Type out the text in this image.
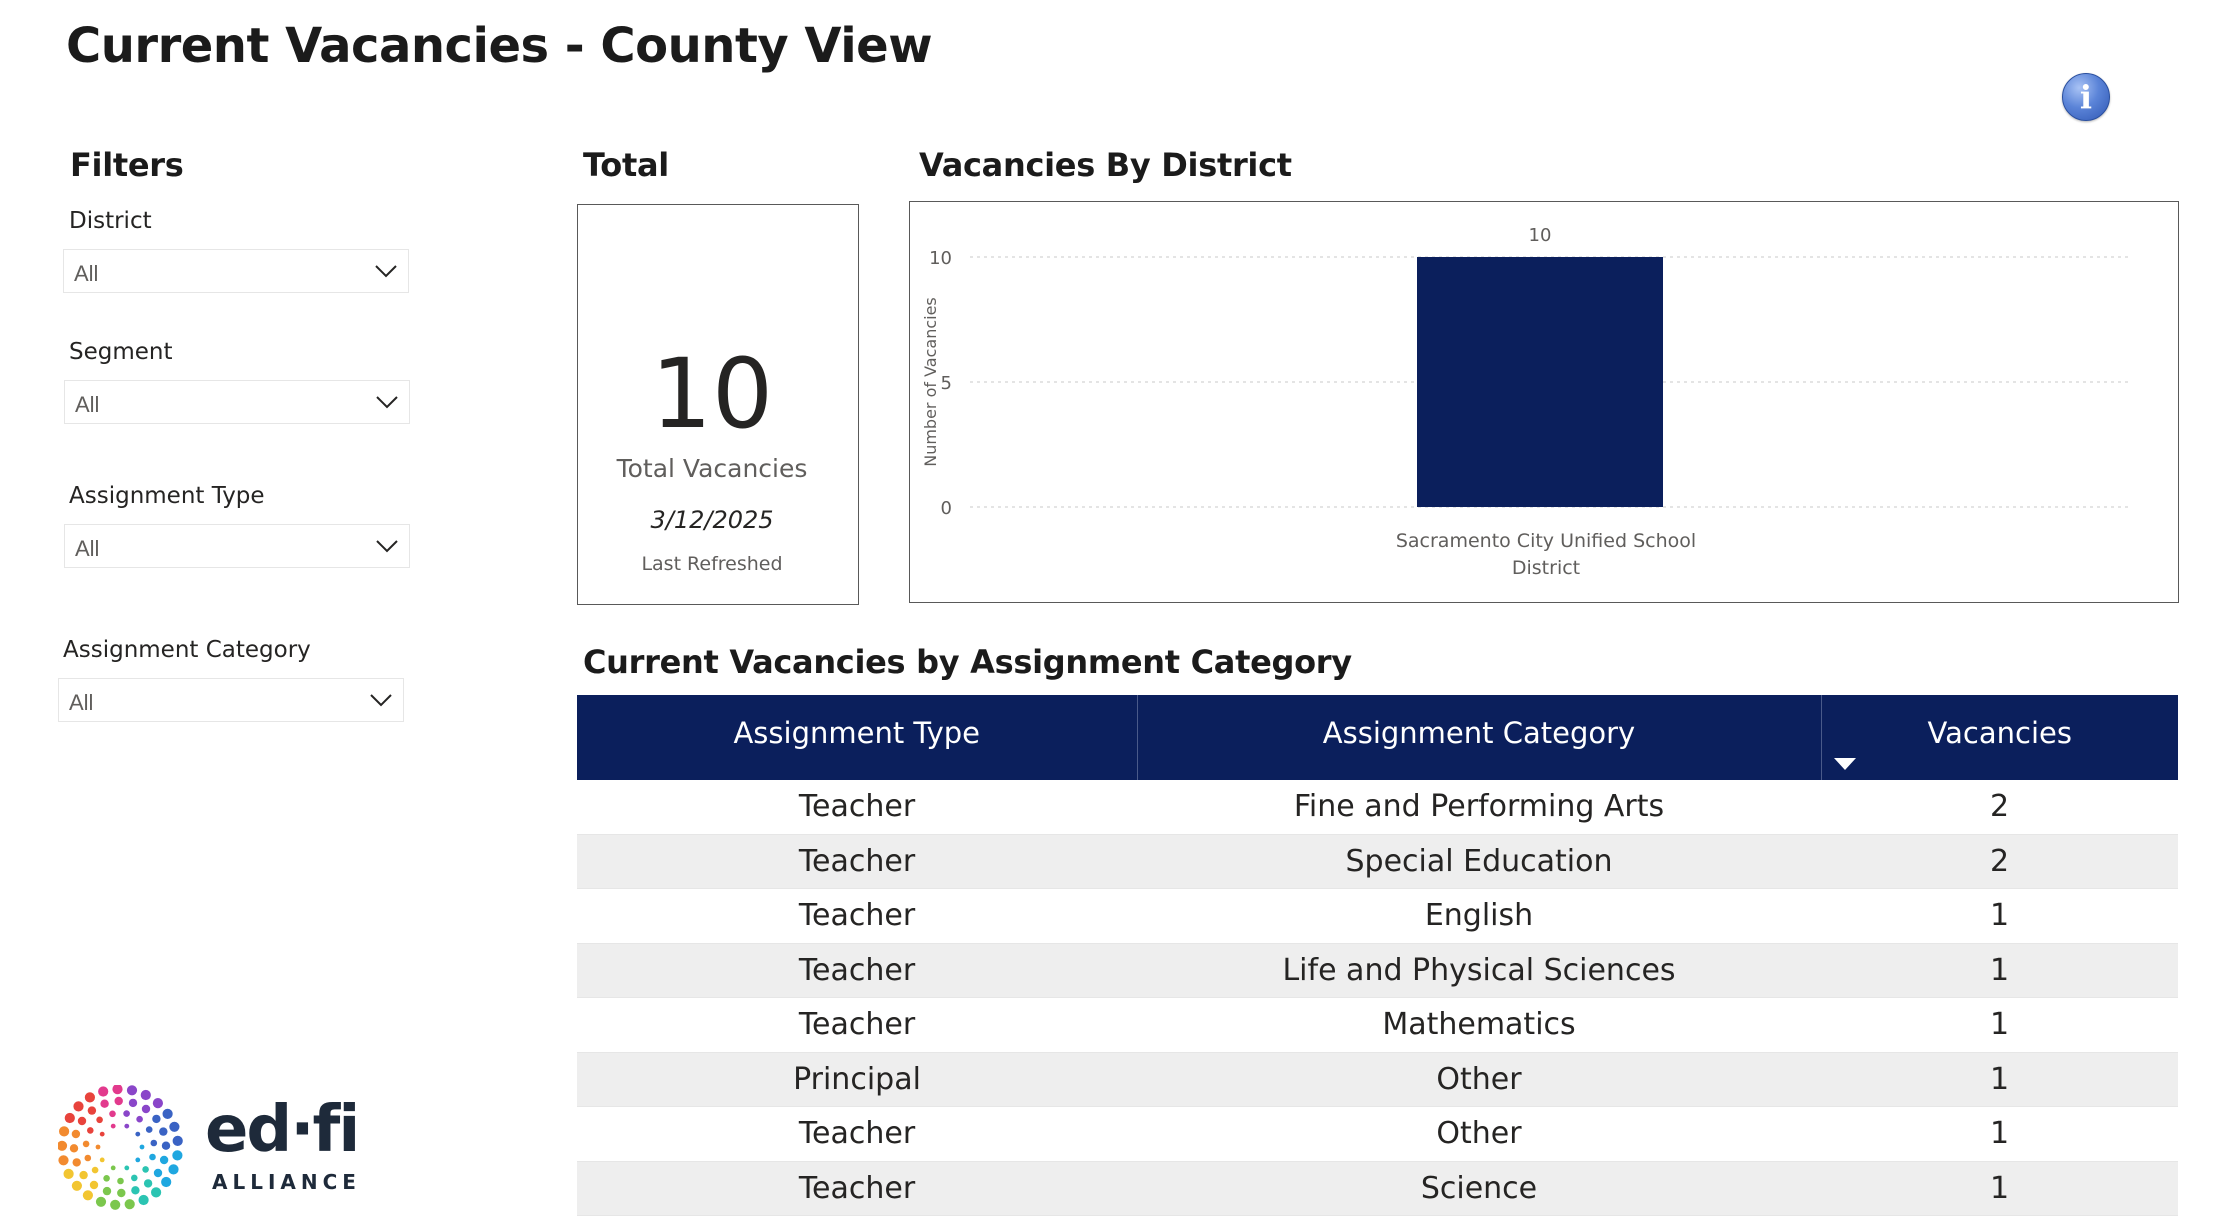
Current Vacancies - County View
i
Filters
District
All
Segment
All
Assignment Type
All
Assignment Category
All
Total
10
Total Vacancies
3/12/2025
Last Refreshed
Vacancies By District
0
5
10
Number of Vacancies
10
Sacramento City Unified School
District
Current Vacancies by Assignment Category
Assignment Type	Assignment Category	Vacancies
Teacher	Fine and Performing Arts	2
Teacher	Special Education	2
Teacher	English	1
Teacher	Life and Physical Sciences	1
Teacher	Mathematics	1
Principal	Other	1
Teacher	Other	1
Teacher	Science	1
ed·fi
ALLIANCE
